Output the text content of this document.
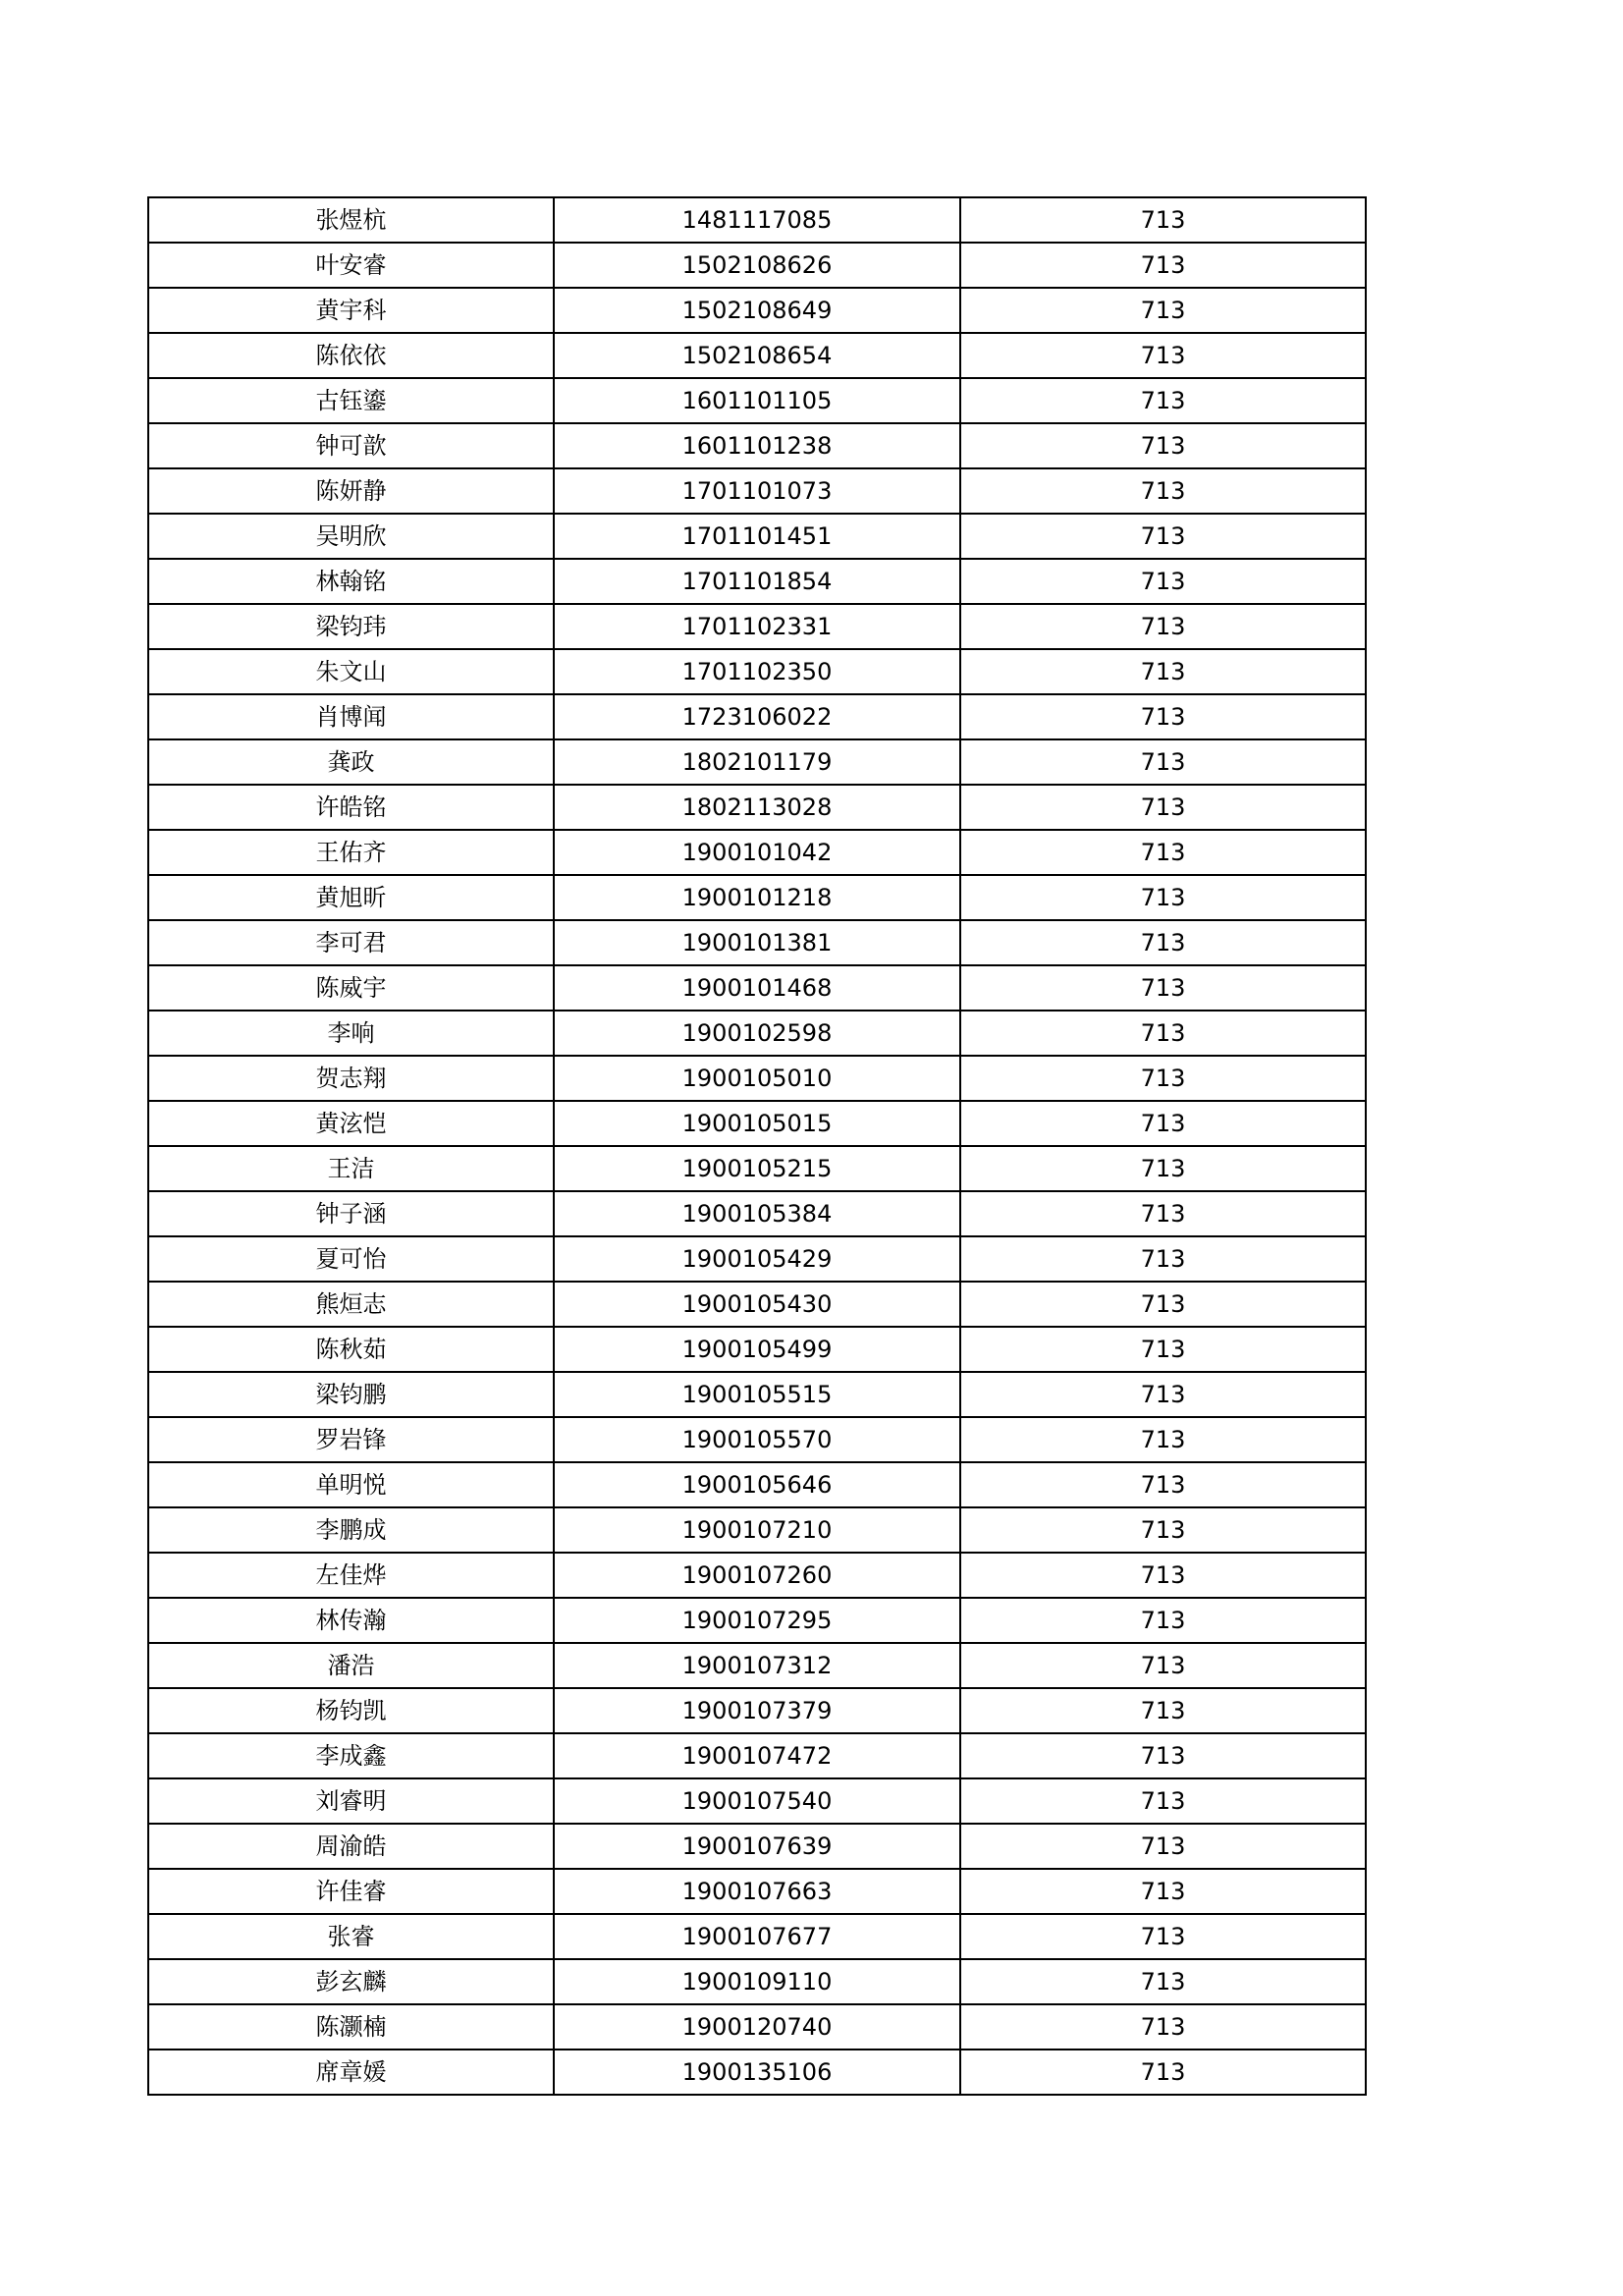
张煜杭	1481117085	713
叶安睿	1502108626	713
黄宇科	1502108649	713
陈依依	1502108654	713
古钰鎏	1601101105	713
钟可歆	1601101238	713
陈妍静	1701101073	713
吴明欣	1701101451	713
林翰铭	1701101854	713
梁钧玮	1701102331	713
朱文山	1701102350	713
肖博闻	1723106022	713
龚政	1802101179	713
许皓铭	1802113028	713
王佑齐	1900101042	713
黄旭昕	1900101218	713
李可君	1900101381	713
陈威宇	1900101468	713
李响	1900102598	713
贺志翔	1900105010	713
黄泫恺	1900105015	713
王洁	1900105215	713
钟子涵	1900105384	713
夏可怡	1900105429	713
熊烜志	1900105430	713
陈秋茹	1900105499	713
梁钧鹏	1900105515	713
罗岩锋	1900105570	713
单明悦	1900105646	713
李鹏成	1900107210	713
左佳烨	1900107260	713
林传瀚	1900107295	713
潘浩	1900107312	713
杨钧凯	1900107379	713
李成鑫	1900107472	713
刘睿明	1900107540	713
周渝皓	1900107639	713
许佳睿	1900107663	713
张睿	1900107677	713
彭玄麟	1900109110	713
陈灏楠	1900120740	713
席章媛	1900135106	713
